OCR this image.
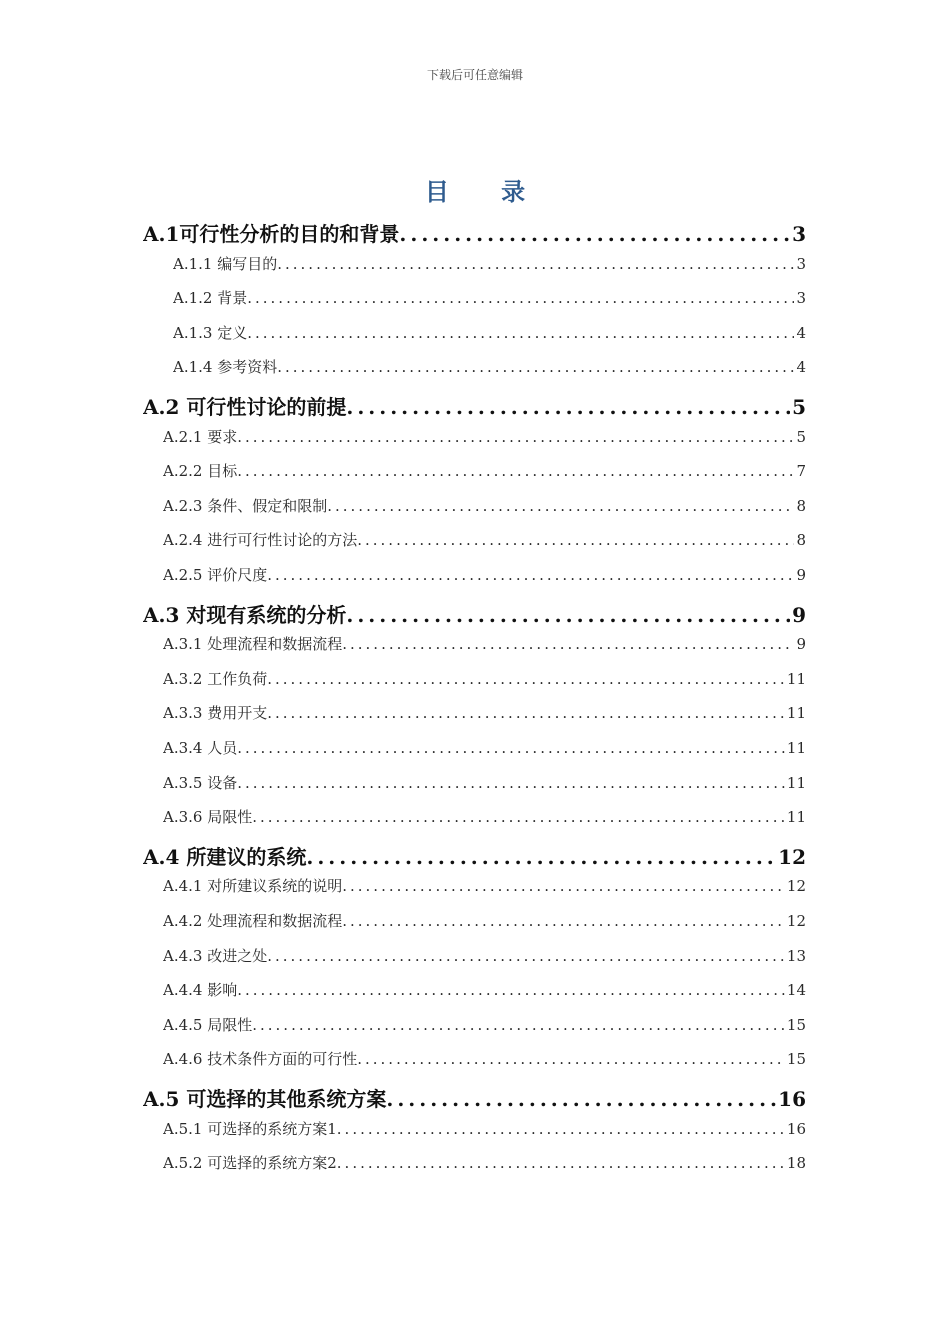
下载后可任意编辑
目 录
A.1可行性分析的目的和背景 .....	3
A.1.1 编写目的 .....	3
A.1.2 背景 .....	3
A.1.3 定义 .....	4
A.1.4 参考资料 .....	4
A.2 可行性讨论的前提 .....	5
A.2.1 要求 .....	5
A.2.2 目标 .....	7
A.2.3 条件、假定和限制 .....	8
A.2.4 进行可行性讨论的方法 .....	8
A.2.5 评价尺度 .....	9
A.3 对现有系统的分析 .....	9
A.3.1 处理流程和数据流程 .....	9
A.3.2 工作负荷 .....	11
A.3.3 费用开支 .....	11
A.3.4 人员 .....	11
A.3.5 设备 .....	11
A.3.6 局限性 .....	11
A.4 所建议的系统 .....	12
A.4.1 对所建议系统的说明 .....	12
A.4.2 处理流程和数据流程 .....	12
A.4.3 改进之处 .....	13
A.4.4 影响 .....	14
A.4.5 局限性 .....	15
A.4.6 技术条件方面的可行性 .....	15
A.5 可选择的其他系统方案 .....	16
A.5.1 可选择的系统方案1 .....	16
A.5.2 可选择的系统方案2 .....	18
